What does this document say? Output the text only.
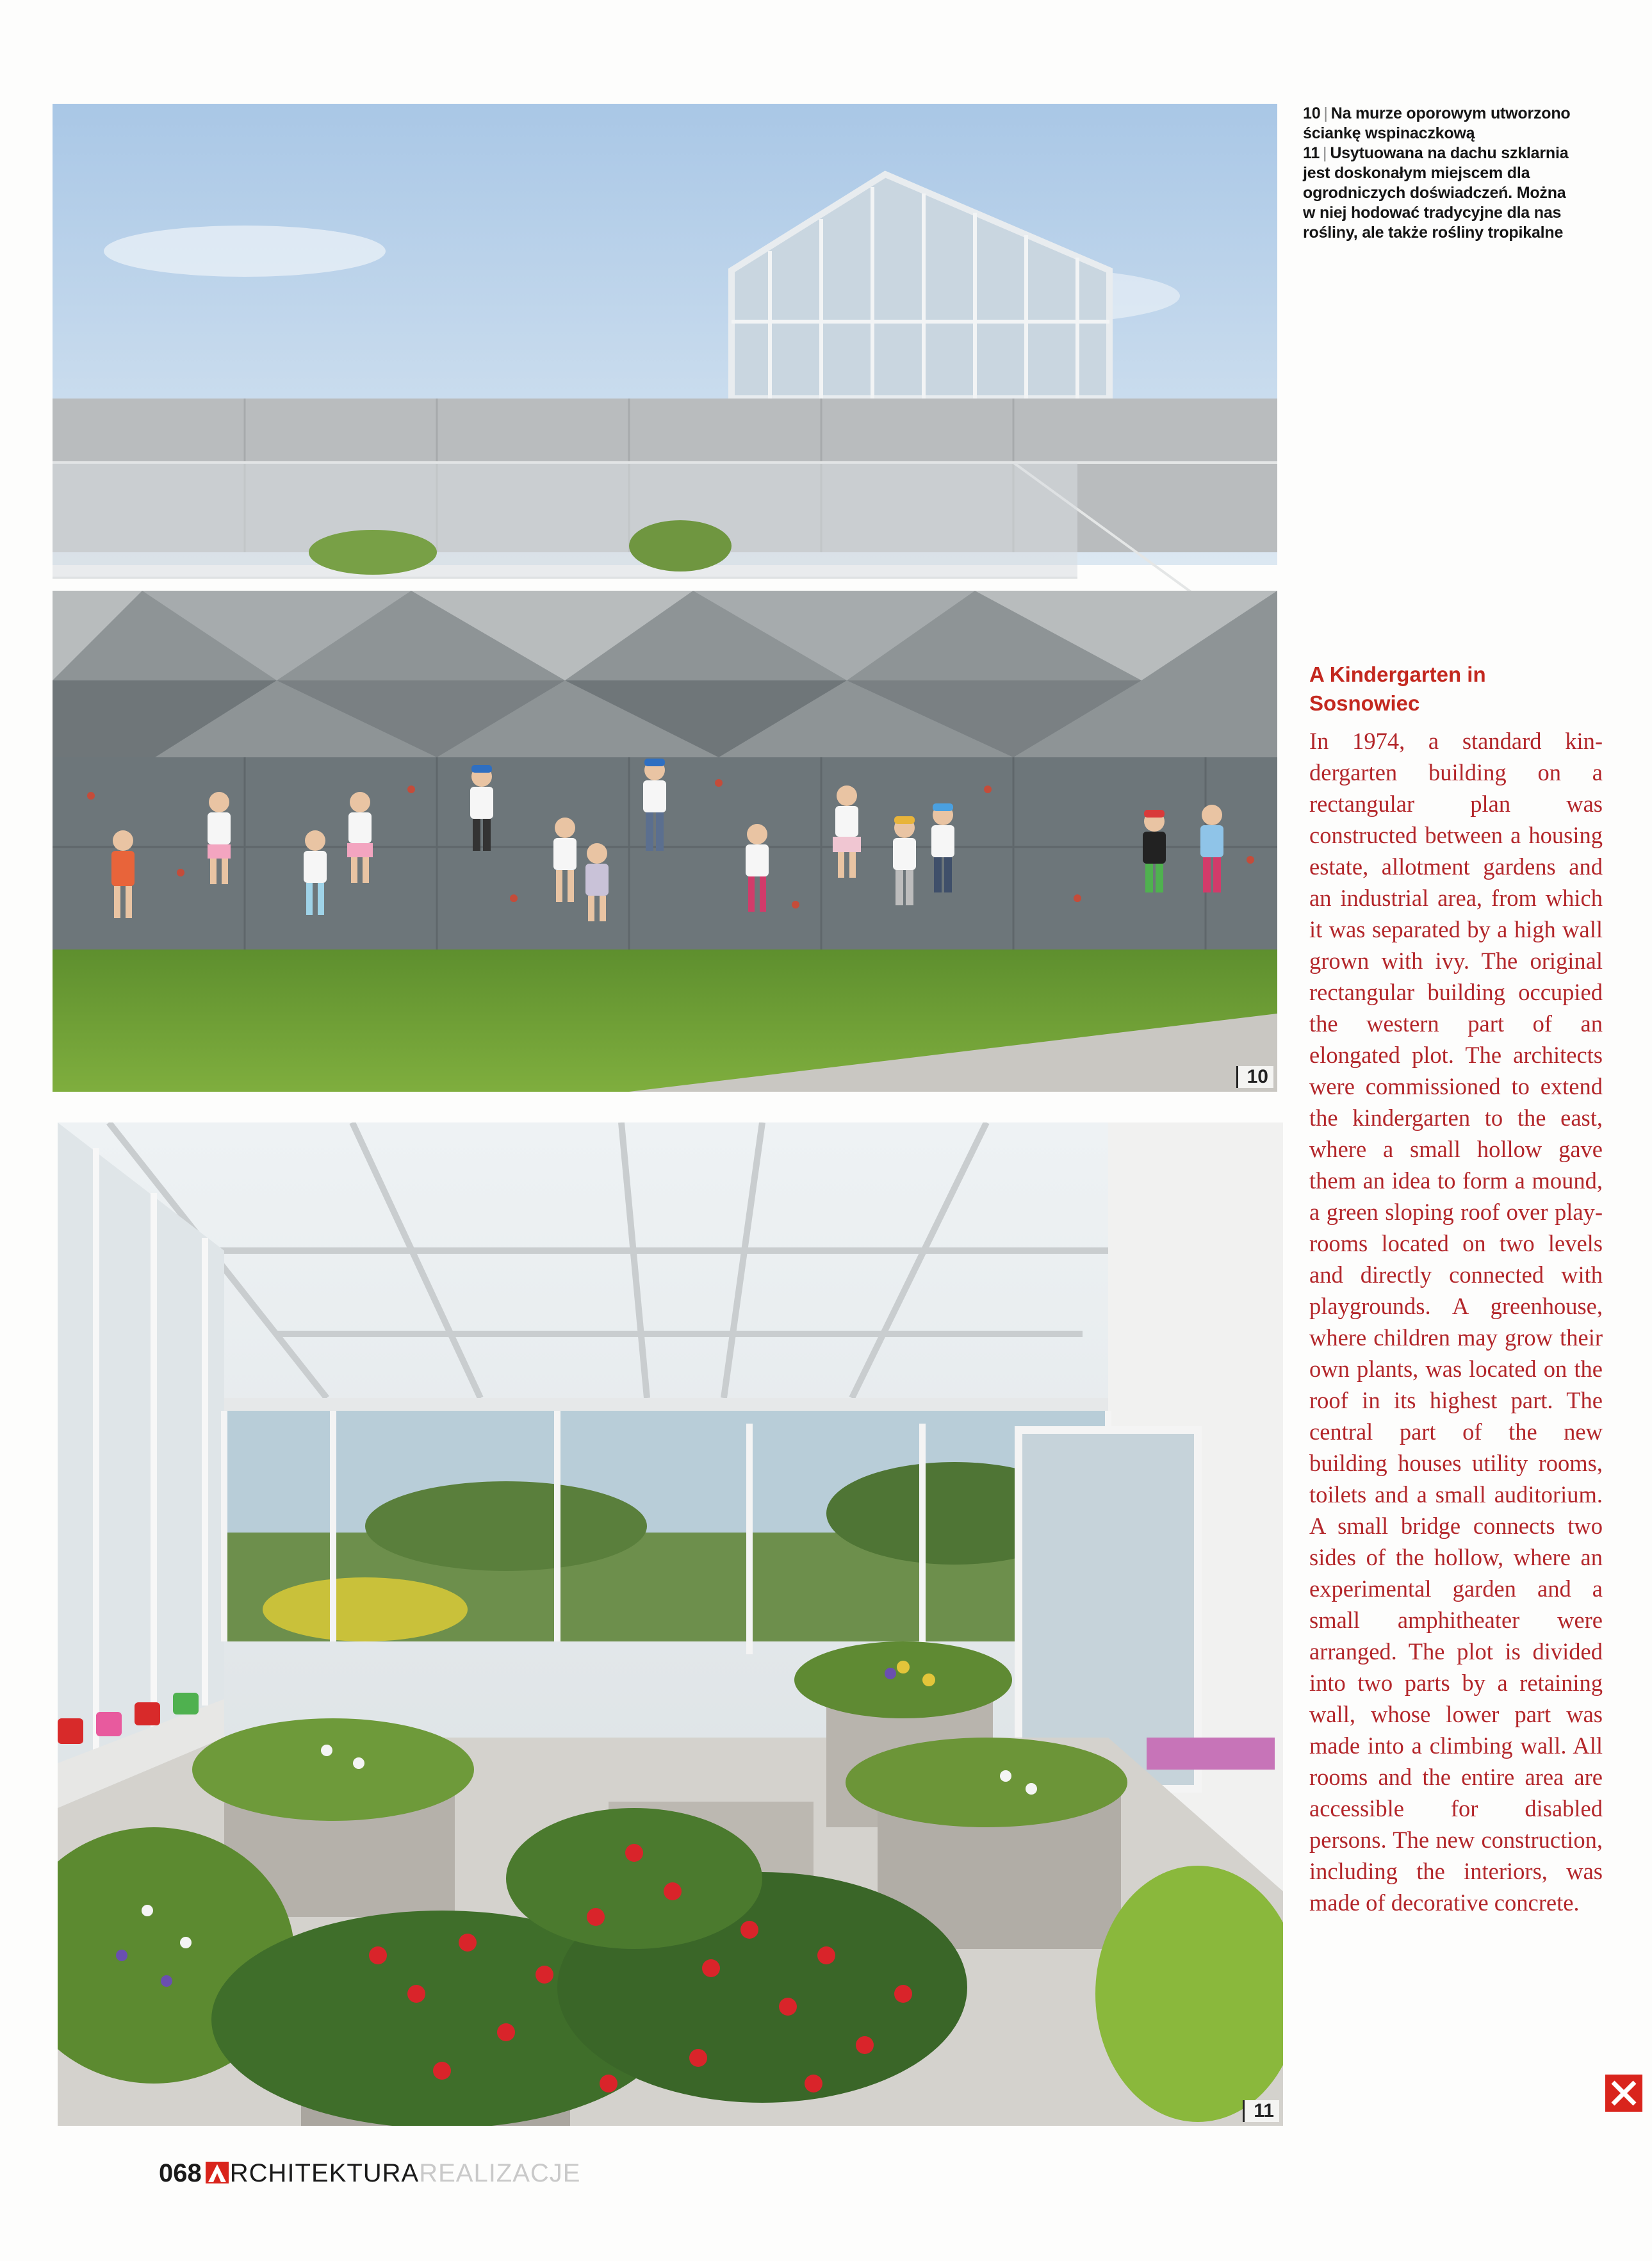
10
11

10 | Na murze oporowym utworzono ściankę wspinaczkową

11 | Usytuowana na dachu szklarnia jest doskonałym miejscem dla ogrodniczych doświadczeń. Można w niej hodować tradycyjne dla nas rośliny, ale także rośliny tropikalne

A Kindergarten in Sosnowiec

In 1974, a standard kindergarten building on a rectangular plan was constructed between a housing estate, allotment gardens and an industrial area, from which it was separated by a high wall grown with ivy. The original rectangular building occupied the western part of an elongated plot. The architects were commissioned to extend the kindergarten to the east, where a small hollow gave them an idea to form a mound, a green sloping roof over playrooms located on two levels and directly connected with playgrounds. A greenhouse, where children may grow their own plants, was located on the roof in its highest part. The central part of the new building houses utility rooms, toilets and a small auditorium. A small bridge connects two sides of the hollow, where an experimental garden and a small amphitheater were arranged. The plot is divided into two parts by a retaining wall, whose lower part was made into a climbing wall. All rooms and the entire area are accessible for disabled persons. The new construction, including the interiors, was made of decorative concrete.

068 RCHITEKTURA REALIZACJE
